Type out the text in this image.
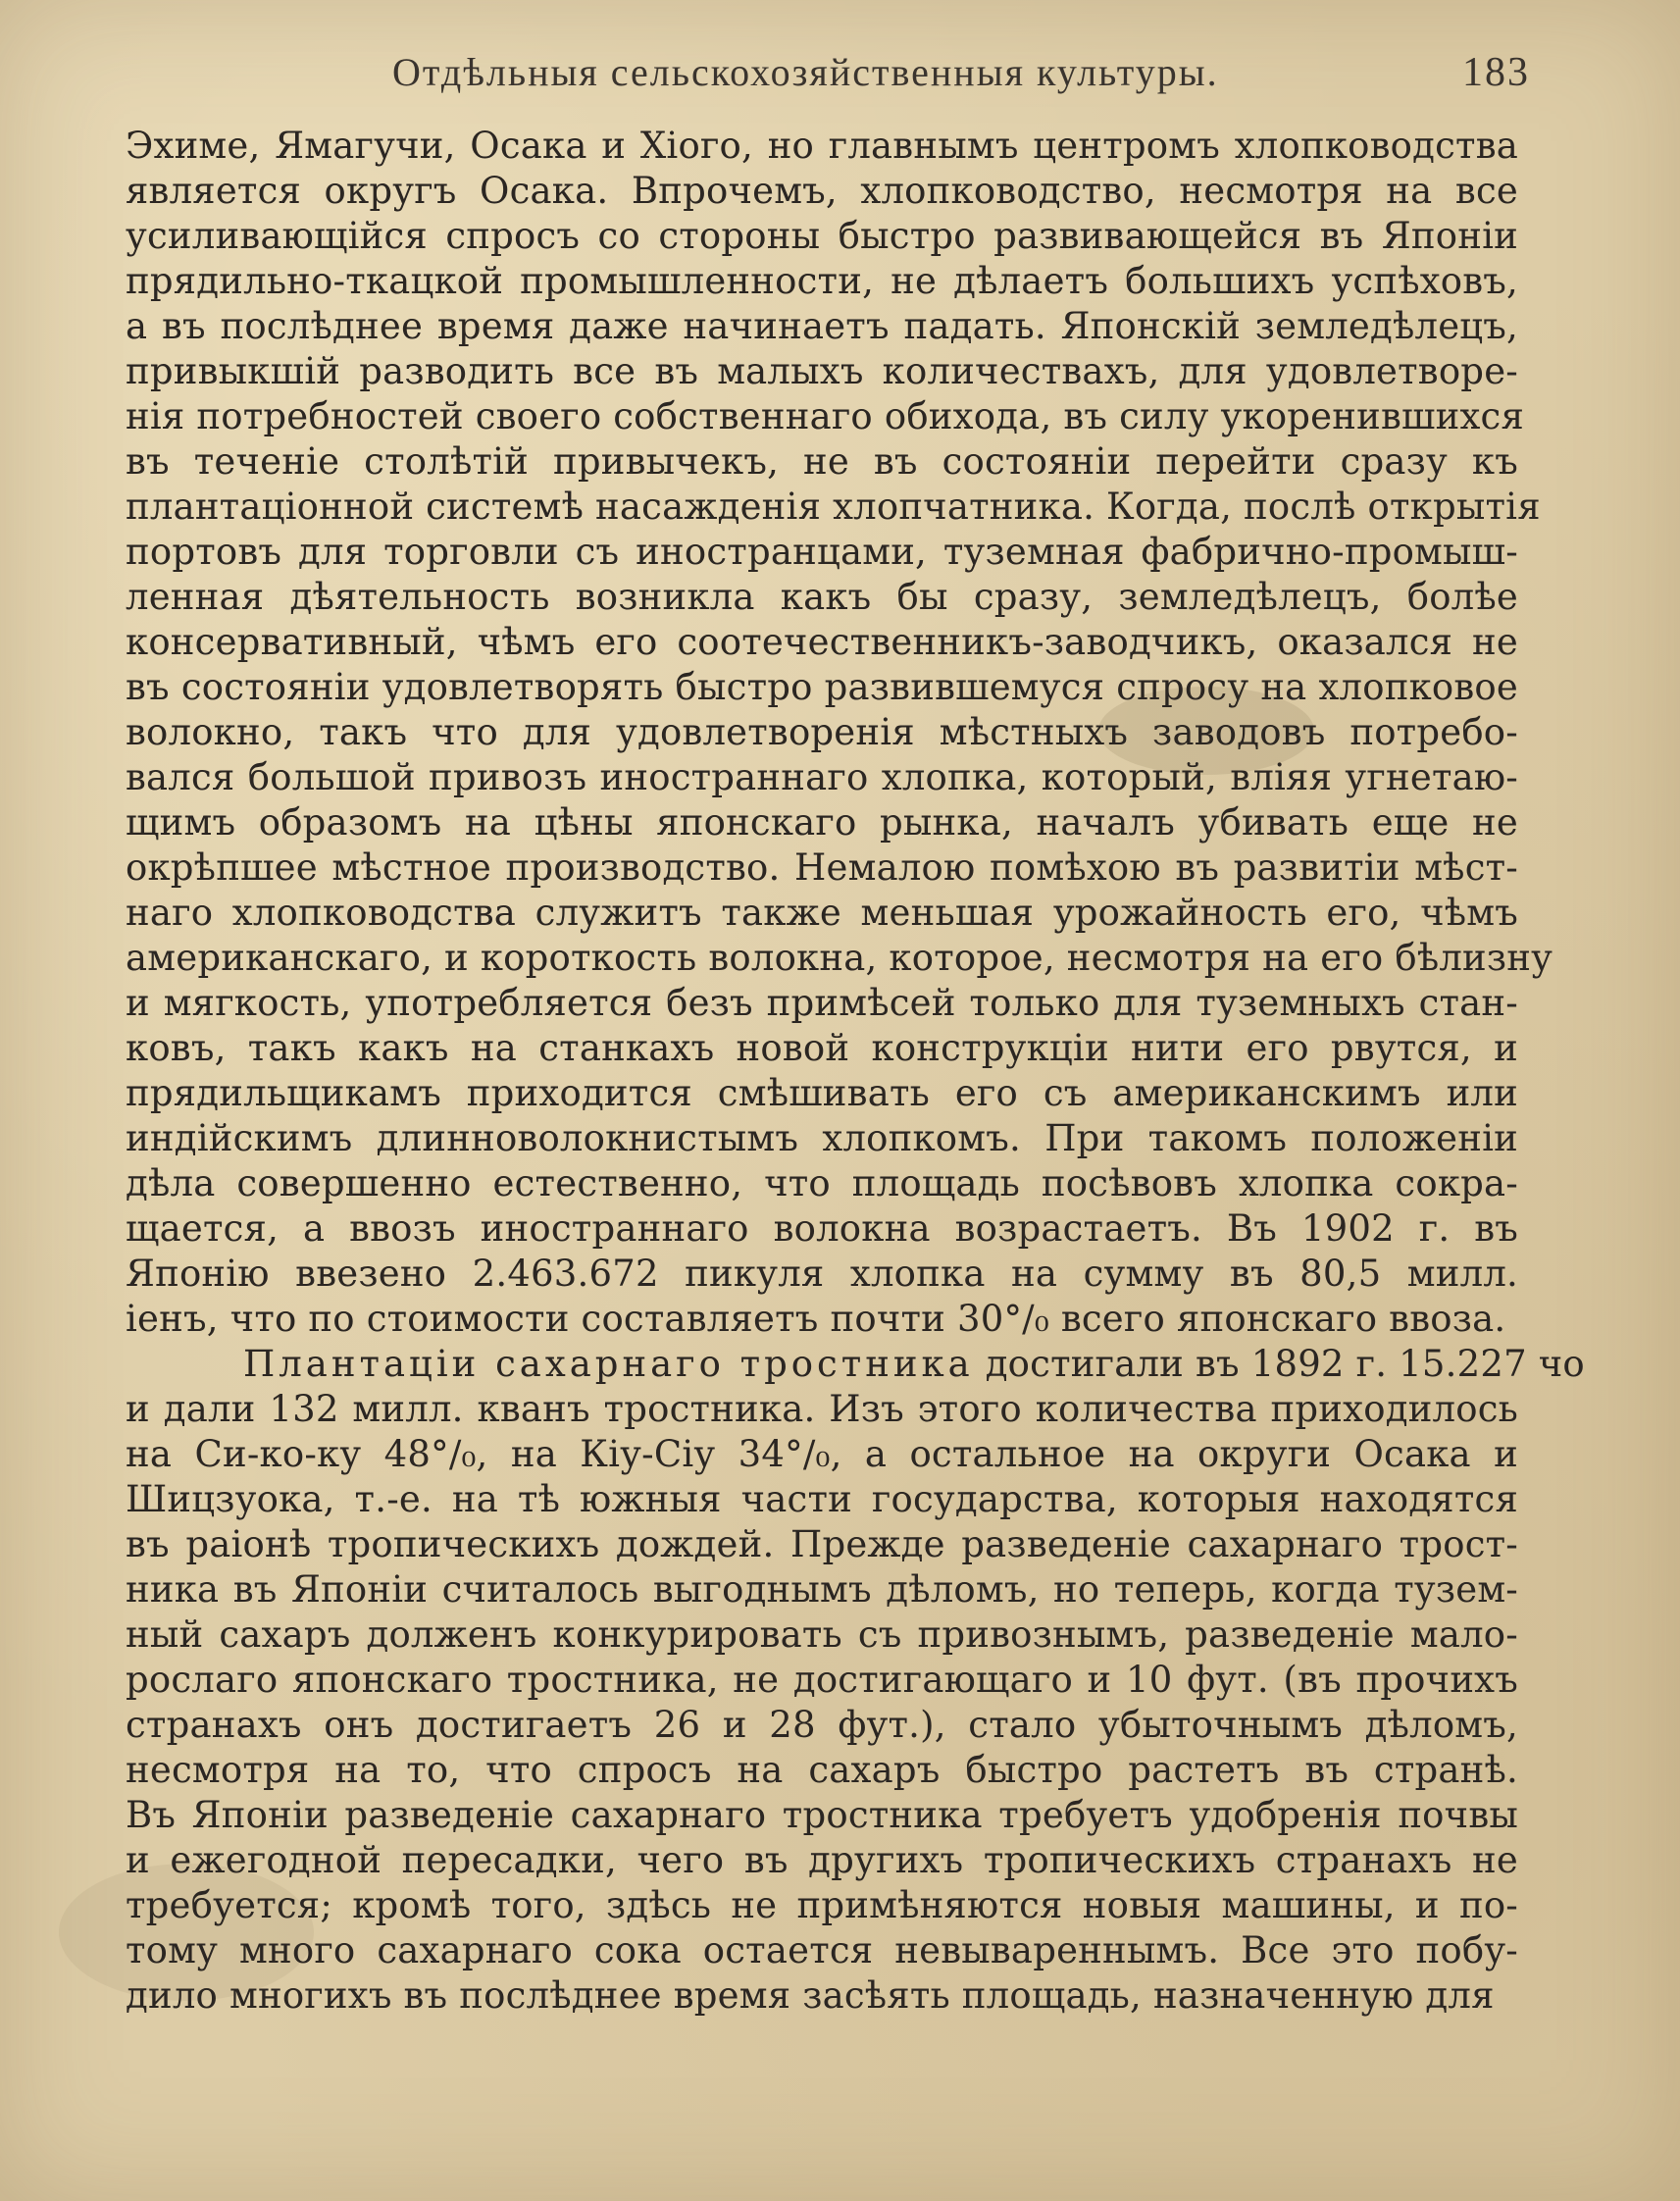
Отдѣльныя сельскохозяйственныя культуры.	183
Эхиме, Ямагучи, Осака и Хіого, но главнымъ центромъ хлопководства
является округъ Осака. Впрочемъ, хлопководство, несмотря на все
усиливающійся спросъ со стороны быстро развивающейся въ Японіи
прядильно-ткацкой промышленности, не дѣлаетъ большихъ успѣховъ,
а въ послѣднее время даже начинаетъ падать. Японскій земледѣлецъ,
привыкшій разводить все въ малыхъ количествахъ, для удовлетворе-
нія потребностей своего собственнаго обихода, въ силу укоренившихся
въ теченіе столѣтій привычекъ, не въ состояніи перейти сразу къ
плантаціонной системѣ насажденія хлопчатника. Когда, послѣ открытія
портовъ для торговли съ иностранцами, туземная фабрично-промыш-
ленная дѣятельность возникла какъ бы сразу, земледѣлецъ, болѣе
консервативный, чѣмъ его соотечественникъ-заводчикъ, оказался не
въ состояніи удовлетворять быстро развившемуся спросу на хлопковое
волокно, такъ что для удовлетворенія мѣстныхъ заводовъ потребо-
вался большой привозъ иностраннаго хлопка, который, вліяя угнетаю-
щимъ образомъ на цѣны японскаго рынка, началъ убивать еще не
окрѣпшее мѣстное производство. Немалою помѣхою въ развитіи мѣст-
наго хлопководства служитъ также меньшая урожайность его, чѣмъ
американскаго, и короткость волокна, которое, несмотря на его бѣлизну
и мягкость, употребляется безъ примѣсей только для туземныхъ стан-
ковъ, такъ какъ на станкахъ новой конструкціи нити его рвутся, и
прядильщикамъ приходится смѣшивать его съ американскимъ или
индійскимъ длинноволокнистымъ хлопкомъ. При такомъ положеніи
дѣла совершенно естественно, что площадь посѣвовъ хлопка сокра-
щается, а ввозъ иностраннаго волокна возрастаетъ. Въ 1902 г. въ
Японію ввезено 2.463.672 пикуля хлопка на сумму въ 80,5 милл.
іенъ, что по стоимости составляетъ почти 30°/₀ всего японскаго ввоза.
Плантаціи сахарнаго тростника достигали въ 1892 г. 15.227 чо
и дали 132 милл. кванъ тростника. Изъ этого количества приходилось
на Си-ко-ку 48°/₀, на Кіу-Сіу 34°/₀, а остальное на округи Осака и
Шицзуока, т.-е. на тѣ южныя части государства, которыя находятся
въ раіонѣ тропическихъ дождей. Прежде разведеніе сахарнаго трост-
ника въ Японіи считалось выгоднымъ дѣломъ, но теперь, когда тузем-
ный сахаръ долженъ конкурировать съ привознымъ, разведеніе мало-
рослаго японскаго тростника, не достигающаго и 10 фут. (въ прочихъ
странахъ онъ достигаетъ 26 и 28 фут.), стало убыточнымъ дѣломъ,
несмотря на то, что спросъ на сахаръ быстро растетъ въ странѣ.
Въ Японіи разведеніе сахарнаго тростника требуетъ удобренія почвы
и ежегодной пересадки, чего въ другихъ тропическихъ странахъ не
требуется; кромѣ того, здѣсь не примѣняются новыя машины, и по-
тому много сахарнаго сока остается невывареннымъ. Все это побу-
дило многихъ въ послѣднее время засѣять площадь, назначенную для
